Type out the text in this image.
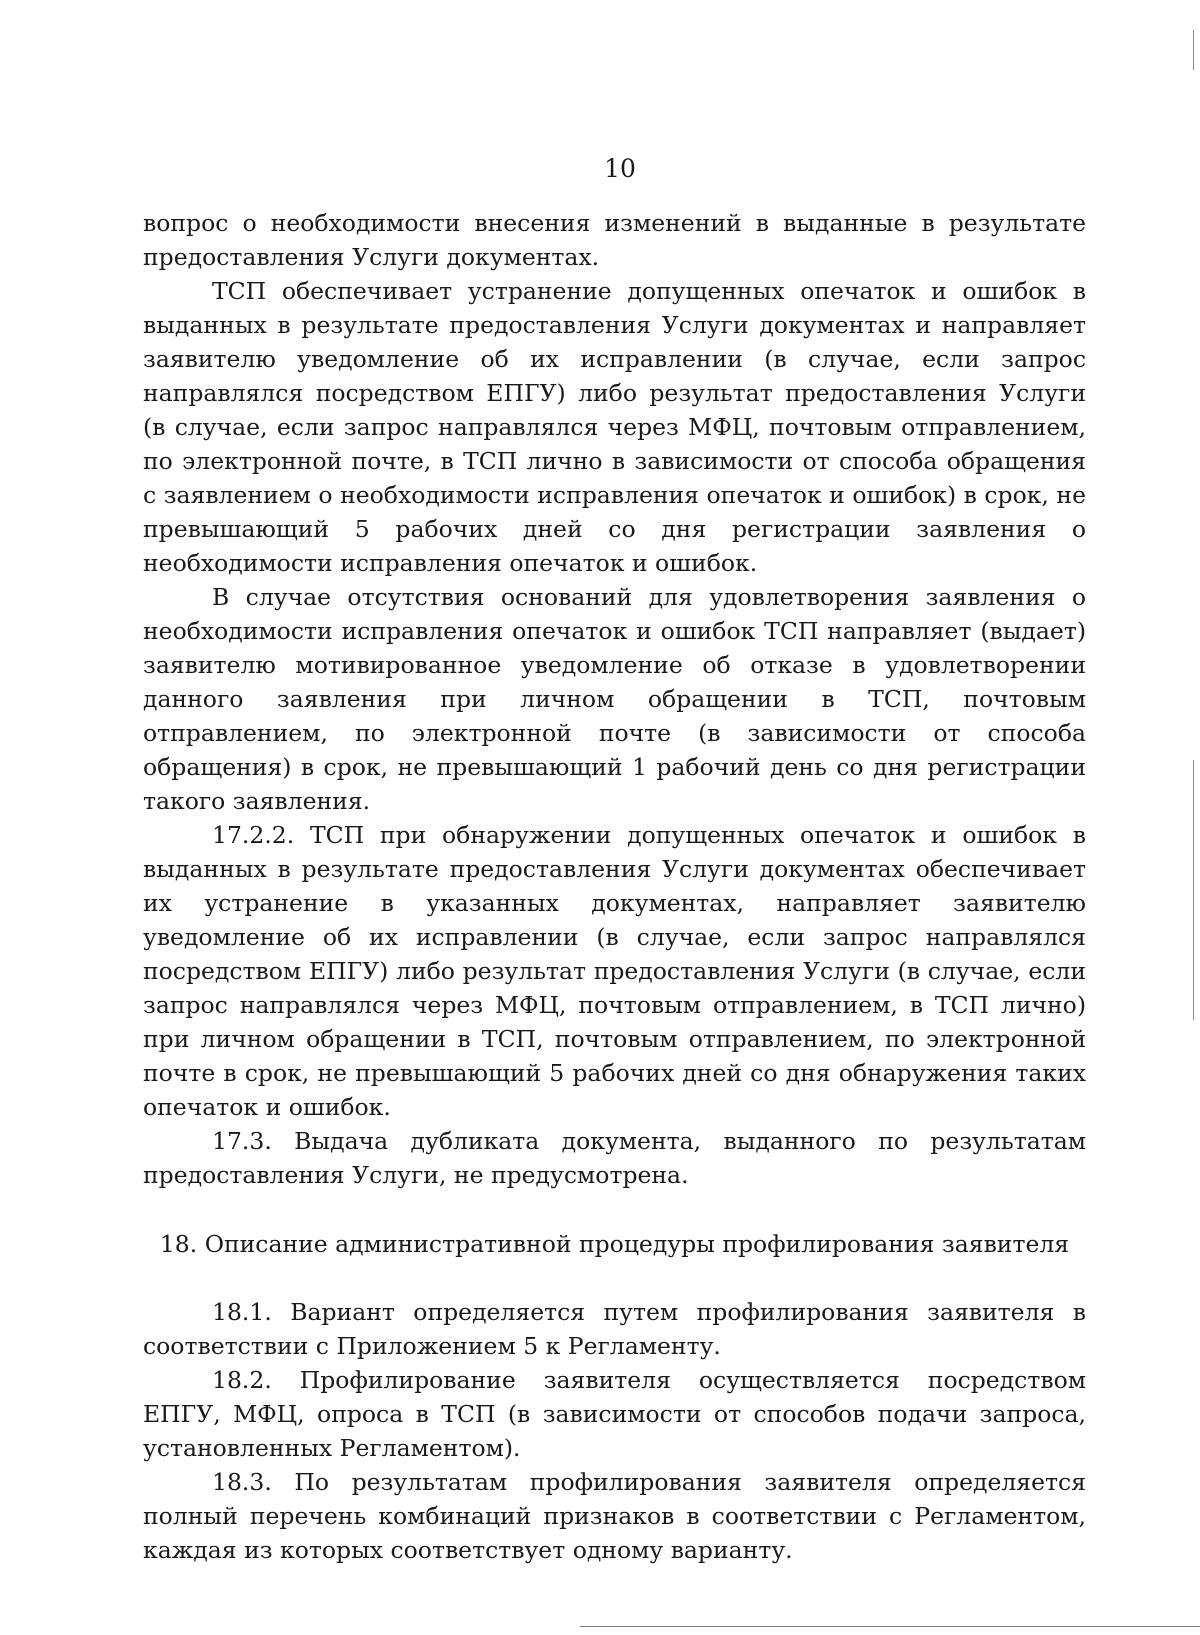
10

вопрос о необходимости внесения изменений в выданные в результате предоставления Услуги документах.

ТСП обеспечивает устранение допущенных опечаток и ошибок в выданных в результате предоставления Услуги документах и направляет заявителю уведомление об их исправлении (в случае, если запрос направлялся посредством ЕПГУ) либо результат предоставления Услуги (в случае, если запрос направлялся через МФЦ, почтовым отправлением, по электронной почте, в ТСП лично в зависимости от способа обращения с заявлением о необходимости исправления опечаток и ошибок) в срок, не превышающий 5 рабочих дней со дня регистрации заявления о необходимости исправления опечаток и ошибок.

В случае отсутствия оснований для удовлетворения заявления о необходимости исправления опечаток и ошибок ТСП направляет (выдает) заявителю мотивированное уведомление об отказе в удовлетворении данного заявления при личном обращении в ТСП, почтовым отправлением, по электронной почте (в зависимости от способа обращения) в срок, не превышающий 1 рабочий день со дня регистрации такого заявления.

17.2.2. ТСП при обнаружении допущенных опечаток и ошибок в выданных в результате предоставления Услуги документах обеспечивает их устранение в указанных документах, направляет заявителю уведомление об их исправлении (в случае, если запрос направлялся посредством ЕПГУ) либо результат предоставления Услуги (в случае, если запрос направлялся через МФЦ, почтовым отправлением, в ТСП лично) при личном обращении в ТСП, почтовым отправлением, по электронной почте в срок, не превышающий 5 рабочих дней со дня обнаружения таких опечаток и ошибок.

17.3. Выдача дубликата документа, выданного по результатам предоставления Услуги, не предусмотрена.

18. Описание административной процедуры профилирования заявителя

18.1. Вариант определяется путем профилирования заявителя в соответствии с Приложением 5 к Регламенту.

18.2. Профилирование заявителя осуществляется посредством ЕПГУ, МФЦ, опроса в ТСП (в зависимости от способов подачи запроса, установленных Регламентом).

18.3. По результатам профилирования заявителя определяется полный перечень комбинаций признаков в соответствии с Регламентом, каждая из которых соответствует одному варианту.
